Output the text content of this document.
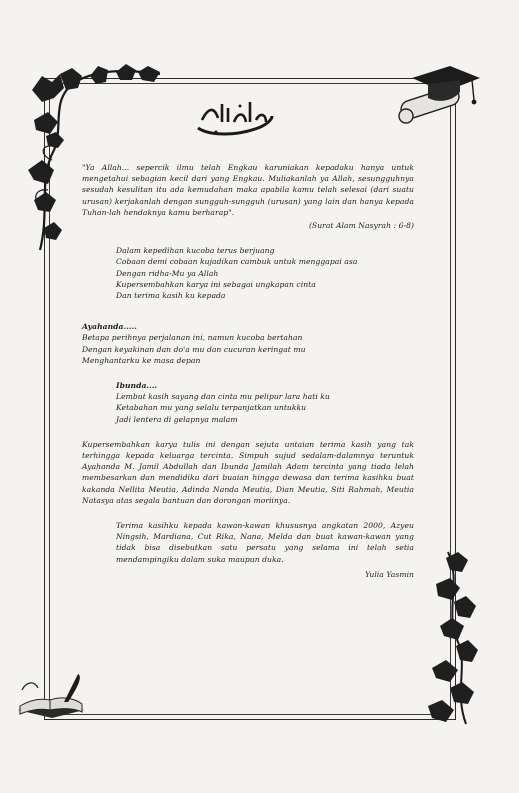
"Ya Allah... sepercik ilmu telah Engkau karuniakan kepadaku hanya untuk mengetahui sebagian kecil dari yang Engkau. Muliakanlah ya Allah, sesungguhnya sesudah kesulitan itu ada kemudahan maka apabila kamu telah selesai (dari suatu urusan) kerjakanlah dengan sungguh-sungguh (urusan) yang lain dan hanya kepada Tuhan-lah hendaknya kamu berharap".

(Surat Alam Nasyrah : 6-8)
Dalam kepedihan kucoba terus berjuang
Cobaan demi cobaan kujadikan cambuk untuk menggapai asa
Dengan ridha-Mu ya Allah
Kupersembahkan karya ini sebagai ungkapan cinta
Dan terima kasih ku kepada
Ayahanda.....
Betapa perihnya perjalanan ini, namun kucoba bertahan
Dengan keyakinan dan do'a mu dan cucuran keringat mu
Menghantarku ke masa depan
Ibunda....
Lembut kasih sayang dan cinta mu pelipur lara hati ku
Ketabahan mu yang selalu terpanjatkan untukku
Jadi lentera di gelapnya malam

Kupersembahkan karya tulis ini dengan sejuta untaian terima kasih yang tak terhingga kepada keluarga tercinta. Simpuh sujud sedalam-dalamnya teruntuk Ayahanda M. Jamil Abdullah dan Ibunda Jamilah Adam tercinta yang tiada lelah membesarkan dan mendidiku dari buaian hingga dewasa dan terima kasihku buat kakanda Nellita Meutia, Adinda Nanda Meutia, Dian Meutia, Siti Rahmah, Meutia Natasya atas segala bantuan dan dorongan moriinya.

Terima kasihku kepada kawan-kawan khususnya angkatan 2000, Azyeu Ningsih, Mardiana, Cut Rika, Nana, Melda dan buat kawan-kawan yang tidak bisa disebutkan satu persatu yang selama ini telah setia mendampingiku dalam suka maupun duka.

Yulia Yasmin
